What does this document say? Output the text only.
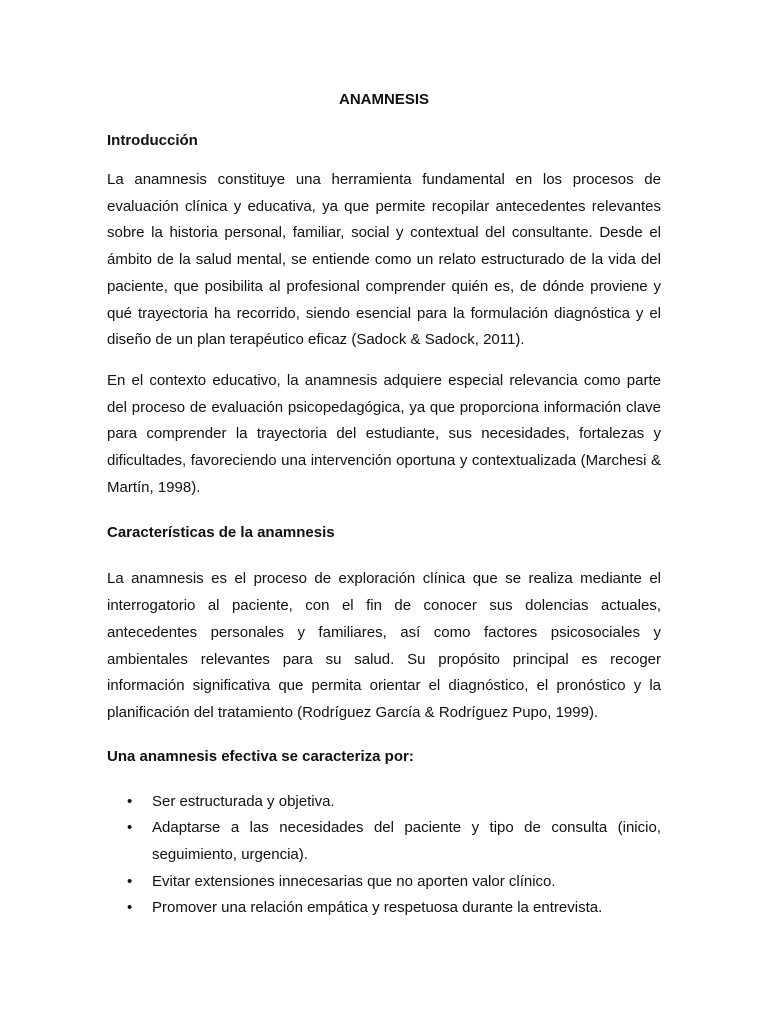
ANAMNESIS
Introducción

La anamnesis constituye una herramienta fundamental en los procesos de evaluación clínica y educativa, ya que permite recopilar antecedentes relevantes sobre la historia personal, familiar, social y contextual del consultante. Desde el ámbito de la salud mental, se entiende como un relato estructurado de la vida del paciente, que posibilita al profesional comprender quién es, de dónde proviene y qué trayectoria ha recorrido, siendo esencial para la formulación diagnóstica y el diseño de un plan terapéutico eficaz (Sadock & Sadock, 2011).

En el contexto educativo, la anamnesis adquiere especial relevancia como parte del proceso de evaluación psicopedagógica, ya que proporciona información clave para comprender la trayectoria del estudiante, sus necesidades, fortalezas y dificultades, favoreciendo una intervención oportuna y contextualizada (Marchesi & Martín, 1998).

Características de la anamnesis

La anamnesis es el proceso de exploración clínica que se realiza mediante el interrogatorio al paciente, con el fin de conocer sus dolencias actuales, antecedentes personales y familiares, así como factores psicosociales y ambientales relevantes para su salud. Su propósito principal es recoger información significativa que permita orientar el diagnóstico, el pronóstico y la planificación del tratamiento (Rodríguez García & Rodríguez Pupo, 1999).

Una anamnesis efectiva se caracteriza por:
• Ser estructurada y objetiva.
• Adaptarse a las necesidades del paciente y tipo de consulta (inicio, seguimiento, urgencia).
• Evitar extensiones innecesarias que no aporten valor clínico.
• Promover una relación empática y respetuosa durante la entrevista.
